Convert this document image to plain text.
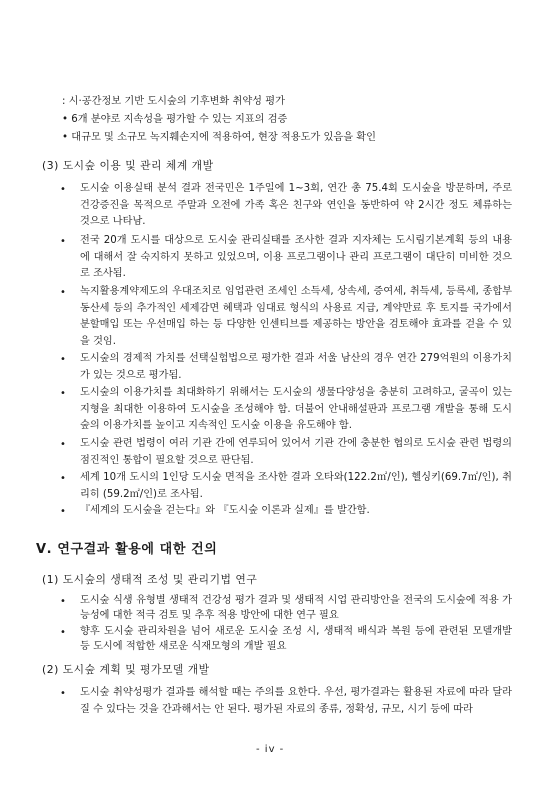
: 시·공간정보 기반 도시숲의 기후변화 취약성 평가
• 6개 분야로 지속성을 평가할 수 있는 지표의 검증
• 대규모 및 소규모 녹지훼손지에 적용하여, 현장 적용도가 있음을 확인
(3) 도시숲 이용 및 관리 체계 개발
• 도시숲 이용실태 분석 결과 전국민은 1주일에 1~3회, 연간 총 75.4회 도시숲을 방문하며, 주로 건강증진을 목적으로 주말과 오전에 가족 혹은 친구와 연인을 동반하여 약 2시간 정도 체류하는 것으로 나타남.
• 전국 20개 도시를 대상으로 도시숲 관리실태를 조사한 결과 지자체는 도시림기본계획 등의 내용에 대해서 잘 숙지하지 못하고 있었으며, 이용 프로그램이나 관리 프로그램이 대단히 미비한 것으로 조사됨.
• 녹지활용계약제도의 우대조치로 임업관련 조세인 소득세, 상속세, 증여세, 취득세, 등록세, 종합부동산세 등의 추가적인 세제감면 혜택과 임대료 형식의 사용료 지급, 계약만료 후 토지를 국가에서 분할매입 또는 우선매입 하는 등 다양한 인센티브를 제공하는 방안을 검토해야 효과를 걷을 수 있을 것임.
• 도시숲의 경제적 가치를 선택실험법으로 평가한 결과 서울 남산의 경우 연간 279억원의 이용가치가 있는 것으로 평가됨.
• 도시숲의 이용가치를 최대화하기 위해서는 도시숲의 생물다양성을 충분히 고려하고, 굴곡이 있는 지형을 최대한 이용하여 도시숲을 조성해야 함. 더불어 안내해설판과 프로그램 개발을 통해 도시숲의 이용가치를 높이고 지속적인 도시숲 이용을 유도해야 함.
• 도시숲 관련 법령이 여러 기관 간에 연루되어 있어서 기관 간에 충분한 협의로 도시숲 관련 법령의 점진적인 통합이 필요할 것으로 판단됨.
• 세계 10개 도시의 1인당 도시숲 면적을 조사한 결과 오타와(122.2㎡/인), 헬싱키(69.7㎡/인), 취리히 (59.2㎡/인)로 조사됨.
• 『세계의 도시숲을 걷는다』와 『도시숲 이론과 실제』를 발간함.
Ⅴ. 연구결과 활용에 대한 건의
(1) 도시숲의 생태적 조성 및 관리기법 연구
• 도시숲 식생 유형별 생태적 건강성 평가 결과 및 생태적 시업 관리방안을 전국의 도시숲에 적용 가능성에 대한 적극 검토 및 추후 적용 방안에 대한 연구 필요
• 향후 도시숲 관리차원을 넘어 새로운 도시숲 조성 시, 생태적 배식과 복원 등에 관련된 모델개발 등 도시에 적합한 새로운 식재모형의 개발 필요
(2) 도시숲 계획 및 평가모델 개발
• 도시숲 취약성평가 결과를 해석할 때는 주의를 요한다. 우선, 평가결과는 활용된 자료에 따라 달라질 수 있다는 것을 간과해서는 안 된다. 평가된 자료의 종류, 정확성, 규모, 시기 등에 따라
- iv -
